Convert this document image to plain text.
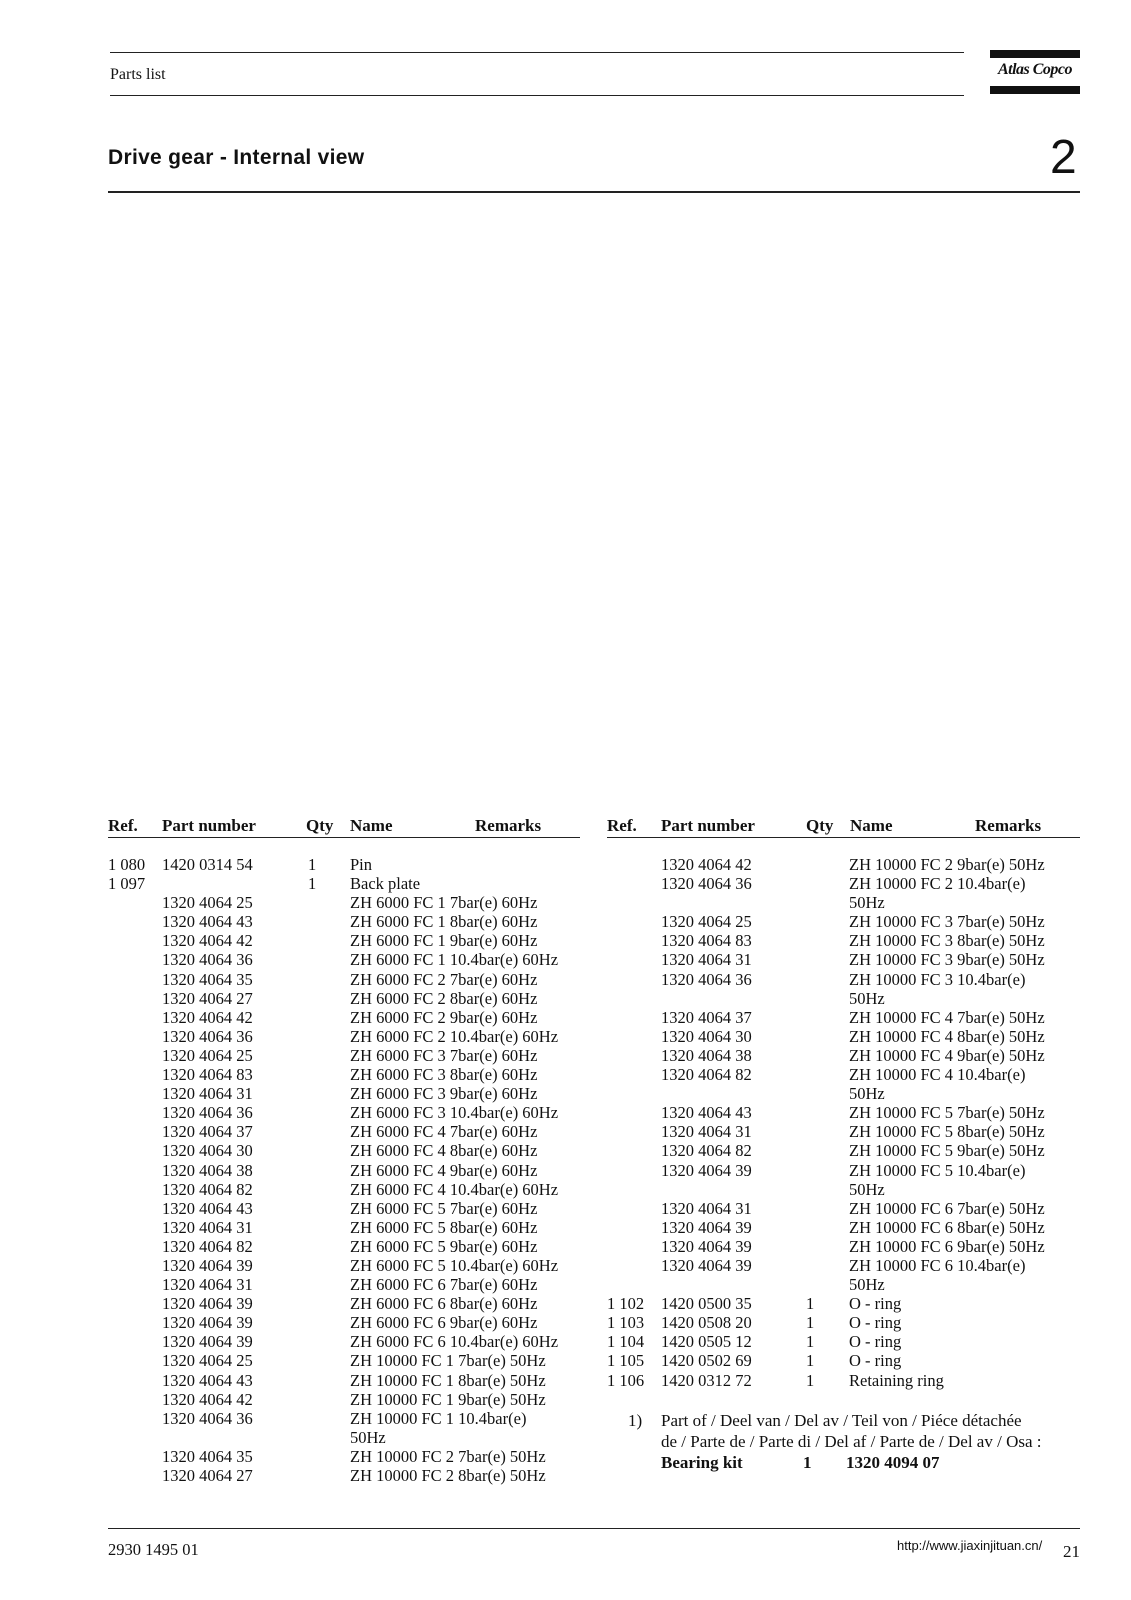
Parts list	Atlas Copco
Drive gear - Internal view	2
Ref. Part number	Qty Name	Remarks	Ref. Part number	Qty Name	Remarks
1 080 1420 0314 54	1 Pin
1 097	1 Back plate
1320 4064 25	ZH 6000 FC 1 7bar(e) 60Hz
1320 4064 43	ZH 6000 FC 1 8bar(e) 60Hz
1320 4064 42	ZH 6000 FC 1 9bar(e) 60Hz
1320 4064 36	ZH 6000 FC 1 10.4bar(e) 60Hz
1320 4064 35	ZH 6000 FC 2 7bar(e) 60Hz
1320 4064 27	ZH 6000 FC 2 8bar(e) 60Hz
1320 4064 42	ZH 6000 FC 2 9bar(e) 60Hz
1320 4064 36	ZH 6000 FC 2 10.4bar(e) 60Hz
1320 4064 25	ZH 6000 FC 3 7bar(e) 60Hz
1320 4064 83	ZH 6000 FC 3 8bar(e) 60Hz
1320 4064 31	ZH 6000 FC 3 9bar(e) 60Hz
1320 4064 36	ZH 6000 FC 3 10.4bar(e) 60Hz
1320 4064 37	ZH 6000 FC 4 7bar(e) 60Hz
1320 4064 30	ZH 6000 FC 4 8bar(e) 60Hz
1320 4064 38	ZH 6000 FC 4 9bar(e) 60Hz
1320 4064 82	ZH 6000 FC 4 10.4bar(e) 60Hz
1320 4064 43	ZH 6000 FC 5 7bar(e) 60Hz
1320 4064 31	ZH 6000 FC 5 8bar(e) 60Hz
1320 4064 82	ZH 6000 FC 5 9bar(e) 60Hz
1320 4064 39	ZH 6000 FC 5 10.4bar(e) 60Hz
1320 4064 31	ZH 6000 FC 6 7bar(e) 60Hz
1320 4064 39	ZH 6000 FC 6 8bar(e) 60Hz
1320 4064 39	ZH 6000 FC 6 9bar(e) 60Hz
1320 4064 39	ZH 6000 FC 6 10.4bar(e) 60Hz
1320 4064 25	ZH 10000 FC 1 7bar(e) 50Hz
1320 4064 43	ZH 10000 FC 1 8bar(e) 50Hz
1320 4064 42	ZH 10000 FC 1 9bar(e) 50Hz
1320 4064 36	ZH 10000 FC 1 10.4bar(e)
50Hz
1320 4064 35	ZH 10000 FC 2 7bar(e) 50Hz
1320 4064 27	ZH 10000 FC 2 8bar(e) 50Hz
1320 4064 42	ZH 10000 FC 2 9bar(e) 50Hz
1320 4064 36	ZH 10000 FC 2 10.4bar(e)
50Hz
1320 4064 25	ZH 10000 FC 3 7bar(e) 50Hz
1320 4064 83	ZH 10000 FC 3 8bar(e) 50Hz
1320 4064 31	ZH 10000 FC 3 9bar(e) 50Hz
1320 4064 36	ZH 10000 FC 3 10.4bar(e)
50Hz
1320 4064 37	ZH 10000 FC 4 7bar(e) 50Hz
1320 4064 30	ZH 10000 FC 4 8bar(e) 50Hz
1320 4064 38	ZH 10000 FC 4 9bar(e) 50Hz
1320 4064 82	ZH 10000 FC 4 10.4bar(e)
50Hz
1320 4064 43	ZH 10000 FC 5 7bar(e) 50Hz
1320 4064 31	ZH 10000 FC 5 8bar(e) 50Hz
1320 4064 82	ZH 10000 FC 5 9bar(e) 50Hz
1320 4064 39	ZH 10000 FC 5 10.4bar(e)
50Hz
1320 4064 31	ZH 10000 FC 6 7bar(e) 50Hz
1320 4064 39	ZH 10000 FC 6 8bar(e) 50Hz
1320 4064 39	ZH 10000 FC 6 9bar(e) 50Hz
1320 4064 39	ZH 10000 FC 6 10.4bar(e)
50Hz
1 102 1420 0500 35	1 O - ring
1 103 1420 0508 20	1 O - ring
1 104 1420 0505 12	1 O - ring
1 105 1420 0502 69	1 O - ring
1 106 1420 0312 72	1 Retaining ring
1) Part of / Deel van / Del av / Teil von / Piéce détachée
de / Parte de / Parte di / Del af / Parte de / Del av / Osa :
Bearing kit	1 1320 4094 07
2930 1495 01	http://www.jiaxinjituan.cn/ 21
